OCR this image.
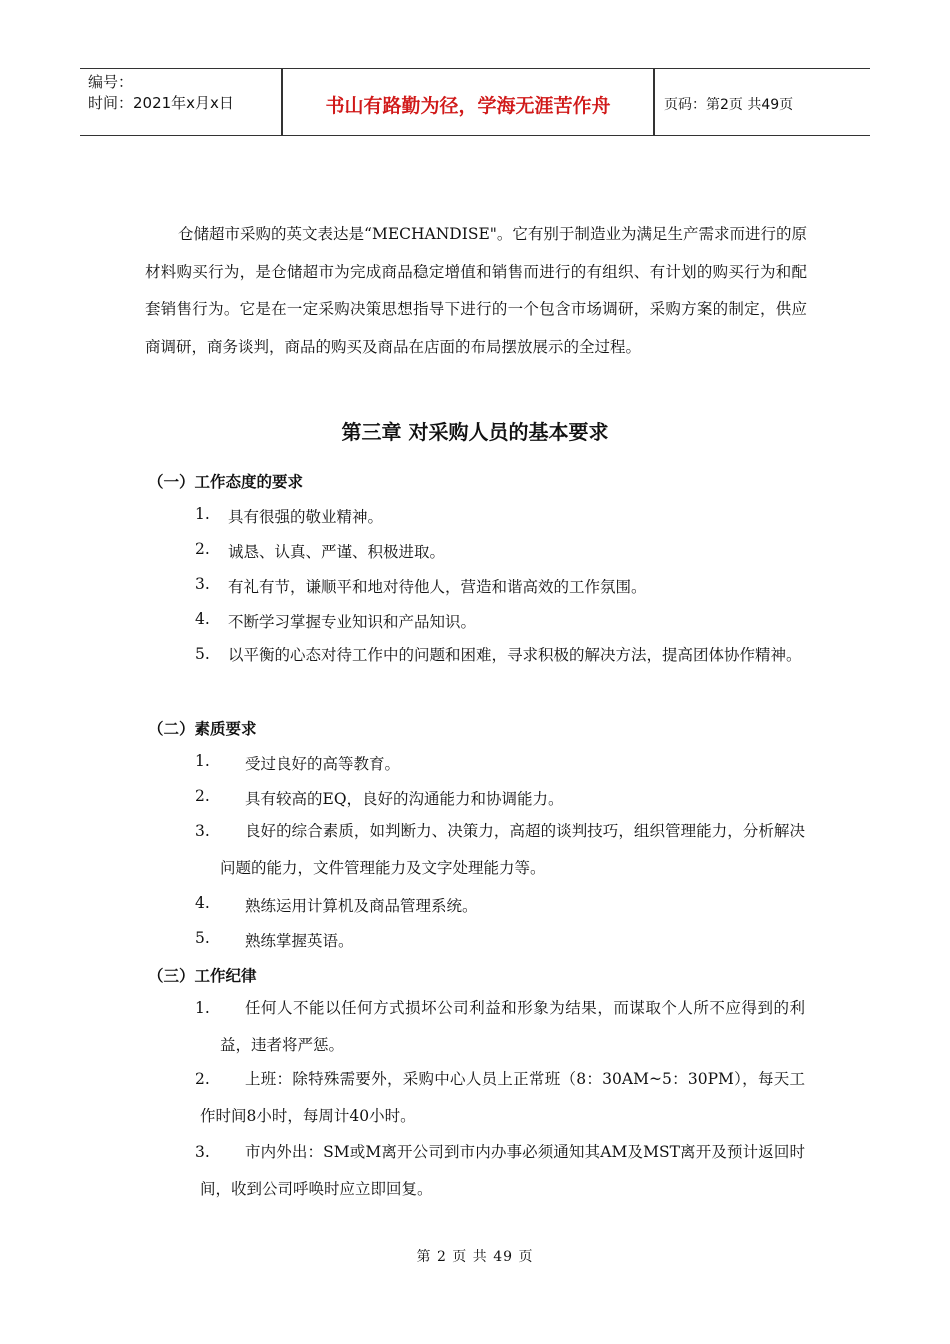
编号：
时间：2021年x月x日	书山有路勤为径，学海无涯苦作舟	页码：第2页 共49页

仓储超市采购的英文表达是“MECHANDISE"。它有别于制造业为满足生产需求而进行的原材料购买行为，是仓储超市为完成商品稳定增值和销售而进行的有组织、有计划的购买行为和配套销售行为。它是在一定采购决策思想指导下进行的一个包含市场调研，采购方案的制定，供应商调研，商务谈判，商品的购买及商品在店面的布局摆放展示的全过程。

第三章 对采购人员的基本要求
（一）工作态度的要求
1. 具有很强的敬业精神。
2. 诚恳、认真、严谨、积极进取。
3. 有礼有节，谦顺平和地对待他人，营造和谐高效的工作氛围。
4. 不断学习掌握专业知识和产品知识。
5. 以平衡的心态对待工作中的问题和困难，寻求积极的解决方法，提高团体协作精神。
（二）素质要求
1. 受过良好的高等教育。
2. 具有较高的EQ，良好的沟通能力和协调能力。
3.	良好的综合素质，如判断力、决策力，高超的谈判技巧，组织管理能力，分析解决问题的能力，文件管理能力及文字处理能力等。
4. 熟练运用计算机及商品管理系统。
5. 熟练掌握英语。
（三）工作纪律
1.	任何人不能以任何方式损坏公司利益和形象为结果，而谋取个人所不应得到的利益，违者将严惩。
2.	上班：除特殊需要外，采购中心人员上正常班（8：30AM~5：30PM），每天工作时间8小时，每周计40小时。
3.	市内外出：SM或M离开公司到市内办事必须通知其AM及MST离开及预计返回时间，收到公司呼唤时应立即回复。
第 2 页 共 49 页
